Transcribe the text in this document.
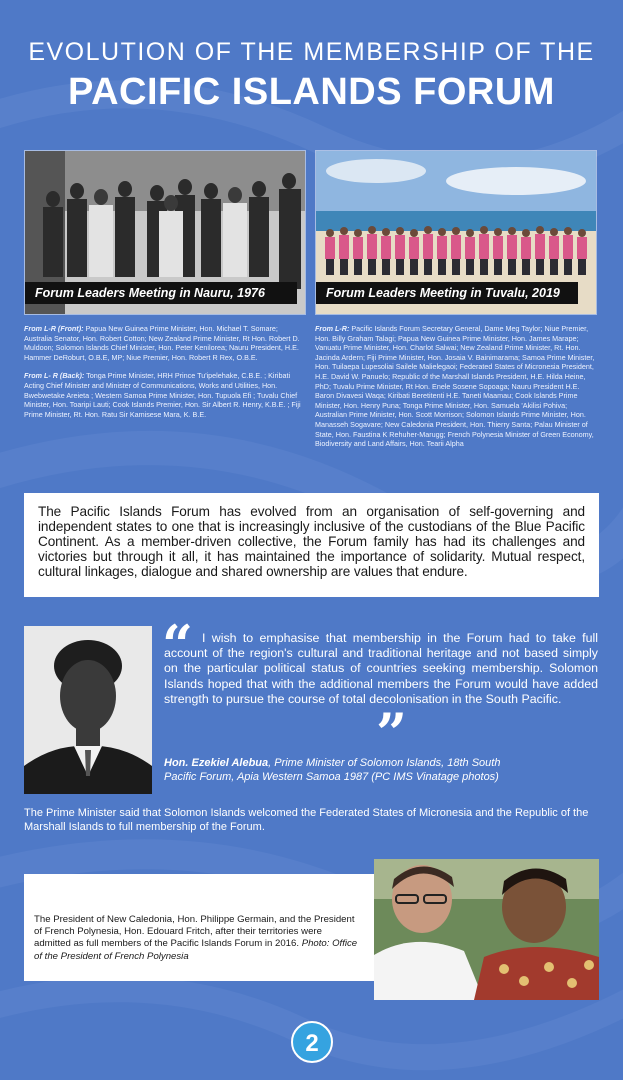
EVOLUTION OF THE MEMBERSHIP OF THE
PACIFIC ISLANDS FORUM
Forum Leaders Meeting in Nauru, 1976	Forum Leaders Meeting in Tuvalu, 2019

From L-R (Front): Papua New Guinea Prime Minister, Hon. Michael T. Somare; Australia Senator, Hon. Robert Cotton; New Zealand Prime Minister, Rt Hon. Robert D. Muldoon; Solomon Islands Chief Minister, Hon. Peter Kenilorea; Nauru President, H.E. Hammer DeRoburt, O.B.E, MP; Niue Premier, Hon. Robert R Rex, O.B.E.

From L- R (Back): Tonga Prime Minister, HRH Prince Tu'ipelehake, C.B.E. ; Kiribati Acting Chief Minister and Minister of Communications, Works and Utilities, Hon. Bwebwetake Areieta ; Western Samoa Prime Minister, Hon. Tupuola Efi ; Tuvalu Chief Minister, Hon. Toaripi Lauti; Cook Islands Premier, Hon. Sir Albert R. Henry, K.B.E. ; Fiji Prime Minister, Rt. Hon. Ratu Sir Kamisese Mara, K. B.E.

From L-R: Pacific Islands Forum Secretary General, Dame Meg Taylor; Niue Premier, Hon. Billy Graham Talagi; Papua New Guinea Prime Minister, Hon. James Marape; Vanuatu Prime Minister, Hon. Charlot Salwai; New Zealand Prime Minister, Rt. Hon. Jacinda Ardern; Fiji Prime Minister, Hon. Josaia V. Bainimarama; Samoa Prime Minister, Hon. Tuilaepa Lupesoliai Sailele Malielegaoi; Federated States of Micronesia President, H.E. David W. Panuelo; Republic of the Marshall Islands President, H.E. Hilda Heine, PhD; Tuvalu Prime Minister, Rt Hon. Enele Sosene Sopoaga; Nauru President H.E. Baron Divavesi Waqa; Kiribati Beretitenti H.E. Taneti Maamau; Cook Islands Prime Minister, Hon. Henry Puna; Tonga Prime Minister, Hon. Samuela 'Akilisi Pohiva; Australian Prime Minister, Hon. Scott Morrison; Solomon Islands Prime Minister, Hon. Manasseh Sogavare; New Caledonia President, Hon. Thierry Santa; Palau Minister of State, Hon. Faustina K Rehuher-Marugg; French Polynesia Minister of Green Economy, Biodiversity and Land Affairs, Hon. Tearii Alpha

The Pacific Islands Forum has evolved from an organisation of self-governing and independent states to one that is increasingly inclusive of the custodians of the Blue Pacific Continent. As a member-driven collective, the Forum family has had its challenges and victories but through it all, it has maintained the importance of solidarity. Mutual respect, cultural linkages, dialogue and shared ownership are values that endure.
“ I wish to emphasise that membership in the Forum had to take full account of the region's cultural and traditional heritage and not based simply on the particular political status of countries seeking membership. Solomon Islands hoped that with the additional members the Forum would have added strength to pursue the course of total decolonisation in the South Pacific.
”
Hon. Ezekiel Alebua, Prime Minister of Solomon Islands, 18th South Pacific Forum, Apia Western Samoa 1987 (PC IMS Vinatage photos)
The Prime Minister said that Solomon Islands welcomed the Federated States of Micronesia and the Republic of the Marshall Islands to full membership of the Forum.
The President of New Caledonia, Hon. Philippe Germain, and the President of French Polynesia, Hon. Edouard Fritch, after their territories were admitted as full members of the Pacific Islands Forum in 2016. Photo: Office of the President of French Polynesia
2
